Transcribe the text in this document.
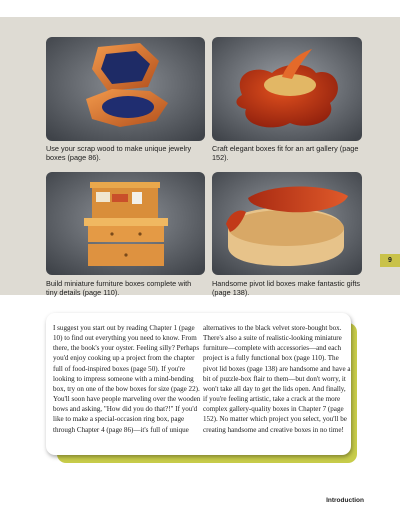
Use your scrap wood to make unique jewelry boxes (page 86).
Craft elegant boxes fit for an art gallery (page 152).
Build miniature furniture boxes complete with tiny details (page 110).
Handsome pivot lid boxes make fantastic gifts (page 138).
9
I suggest you start out by reading Chapter 1 (page
10) to find out everything you need to know. From
there, the book's your oyster. Feeling silly? Perhaps
you'd enjoy cooking up a project from the chapter
full of food-inspired boxes (page 50). If you're
looking to impress someone with a mind-bending
box, try on one of the bow boxes for size (page 22).
You'll soon have people marveling over the wooden
bows and asking, "How did you do that?!" If you'd
like to make a special-occasion ring box, page
through Chapter 4 (page 86)—it's full of unique
alternatives to the black velvet store-bought box.
There's also a suite of realistic-looking miniature
furniture—complete with accessories—and each
project is a fully functional box (page 110). The
pivot lid boxes (page 138) are handsome and have a
bit of puzzle-box flair to them—but don't worry, it
won't take all day to get the lids open. And finally,
if you're feeling artistic, take a crack at the more
complex gallery-quality boxes in Chapter 7 (page
152). No matter which project you select, you'll be
creating handsome and creative boxes in no time!
Introduction
